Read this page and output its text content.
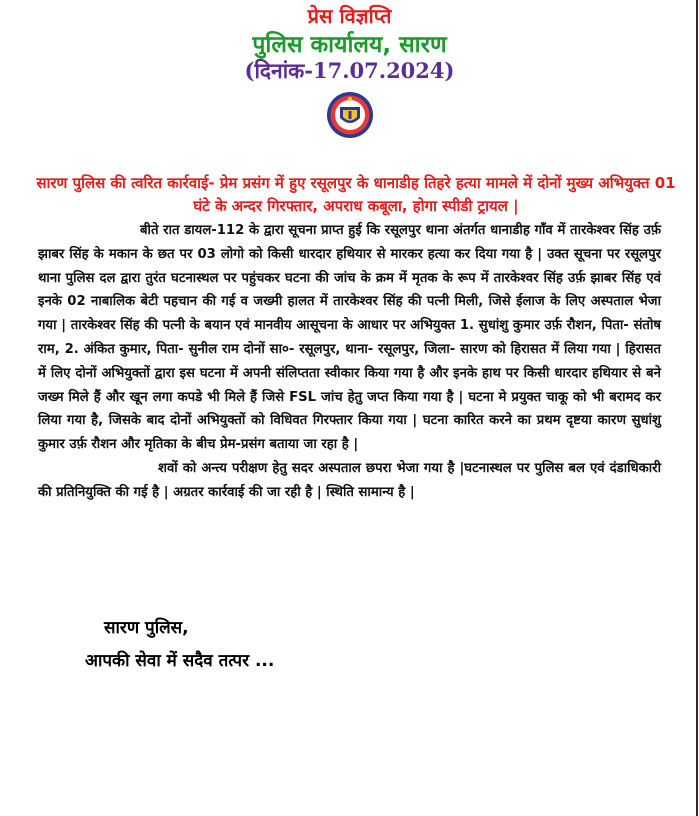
प्रेस विज्ञप्ति
पुलिस कार्यालय, सारण
(दिनांक-17.07.2024)
सारण पुलिस की त्वरित कार्रवाई- प्रेम प्रसंग में हुए रसूलपुर के धानाडीह तिहरे हत्या मामले में दोनों मुख्य अभियुक्त 01 घंटे के अन्दर गिरफ्तार, अपराध कबूला, होगा स्पीडी ट्रायल |

बीते रात डायल-112 के द्वारा सूचना प्राप्त हुई कि रसूलपुर थाना अंतर्गत धानाडीह गाँव में तारकेश्वर सिंह उर्फ़ झाबर सिंह के मकान के छत पर 03 लोगो को किसी धारदार हथियार से मारकर हत्या कर दिया गया है | उक्त सूचना पर रसूलपुर थाना पुलिस दल द्वारा तुरंत घटनास्थल पर पहुंचकर घटना की जांच के क्रम में मृतक के रूप में तारकेश्वर सिंह उर्फ़ झाबर सिंह एवं इनके 02 नाबालिक बेटी पहचान की गई व जख्मी हालत में तारकेश्वर सिंह की पत्नी मिली, जिसे ईलाज के लिए अस्पताल भेजा गया | तारकेश्वर सिंह की पत्नी के बयान एवं मानवीय आसूचना के आधार पर अभियुक्त 1. सुधांशु कुमार उर्फ़ रौशन, पिता- संतोष राम, 2. अंकित कुमार, पिता- सुनील राम दोनों सा०- रसूलपुर, थाना- रसूलपुर, जिला- सारण को हिरासत में लिया गया | हिरासत में लिए दोनों अभियुक्तों द्वारा इस घटना में अपनी संलिप्तता स्वीकार किया गया है और इनके हाथ पर किसी धारदार हथियार से बने जख्म मिले हैं और खून लगा कपडे भी मिले हैं जिसे FSL जांच हेतु जप्त किया गया है | घटना मे प्रयुक्त चाकू को भी बरामद कर लिया गया है, जिसके बाद दोनों अभियुक्तों को विधिवत गिरफ्तार किया गया | घटना कारित करने का प्रथम दृष्टया कारण सुधांशु कुमार उर्फ़ रौशन और मृतिका के बीच प्रेम-प्रसंग बताया जा रहा है |

शवों को अन्त्य परीक्षण हेतु सदर अस्पताल छपरा भेजा गया है |घटनास्थल पर पुलिस बल एवं दंडाधिकारी की प्रतिनियुक्ति की गई है | अग्रतर कार्रवाई की जा रही है | स्थिति सामान्य है |

सारण पुलिस,
आपकी सेवा में सदैव तत्पर ...
